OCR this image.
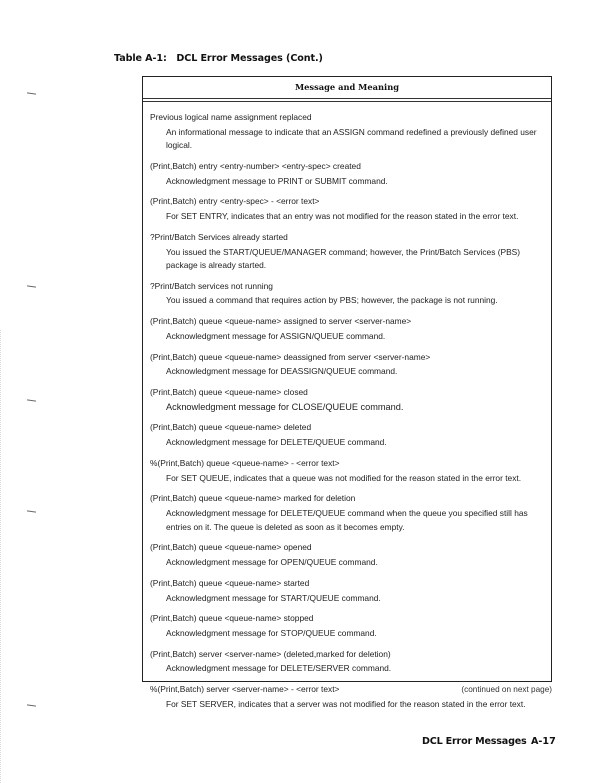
Table A-1:   DCL Error Messages (Cont.)
Message and Meaning
Previous logical name assignment replaced
An informational message to indicate that an ASSIGN command redefined a previously defined user logical.
(Print,Batch) entry <entry-number> <entry-spec> created
Acknowledgment message to PRINT or SUBMIT command.
(Print,Batch) entry <entry-spec> - <error text>
For SET ENTRY, indicates that an entry was not modified for the reason stated in the error text.
?Print/Batch Services already started
You issued the START/QUEUE/MANAGER command; however, the Print/Batch Services (PBS) package is already started.
?Print/Batch services not running
You issued a command that requires action by PBS; however, the package is not running.
(Print,Batch) queue <queue-name> assigned to server <server-name>
Acknowledgment message for ASSIGN/QUEUE command.
(Print,Batch) queue <queue-name> deassigned from server <server-name>
Acknowledgment message for DEASSIGN/QUEUE command.
(Print,Batch) queue <queue-name> closed
Acknowledgment message for CLOSE/QUEUE command.
(Print,Batch) queue <queue-name> deleted
Acknowledgment message for DELETE/QUEUE command.
%(Print,Batch) queue <queue-name> - <error text>
For SET QUEUE, indicates that a queue was not modified for the reason stated in the error text.
(Print,Batch) queue <queue-name> marked for deletion
Acknowledgment message for DELETE/QUEUE command when the queue you specified still has entries on it. The queue is deleted as soon as it becomes empty.
(Print,Batch) queue <queue-name> opened
Acknowledgment message for OPEN/QUEUE command.
(Print,Batch) queue <queue-name> started
Acknowledgment message for START/QUEUE command.
(Print,Batch) queue <queue-name> stopped
Acknowledgment message for STOP/QUEUE command.
(Print,Batch) server <server-name> (deleted,marked for deletion)
Acknowledgment message for DELETE/SERVER command.
%(Print,Batch) server <server-name> - <error text>
For SET SERVER, indicates that a server was not modified for the reason stated in the error text.
(continued on next page)
DCL Error Messages A-17
